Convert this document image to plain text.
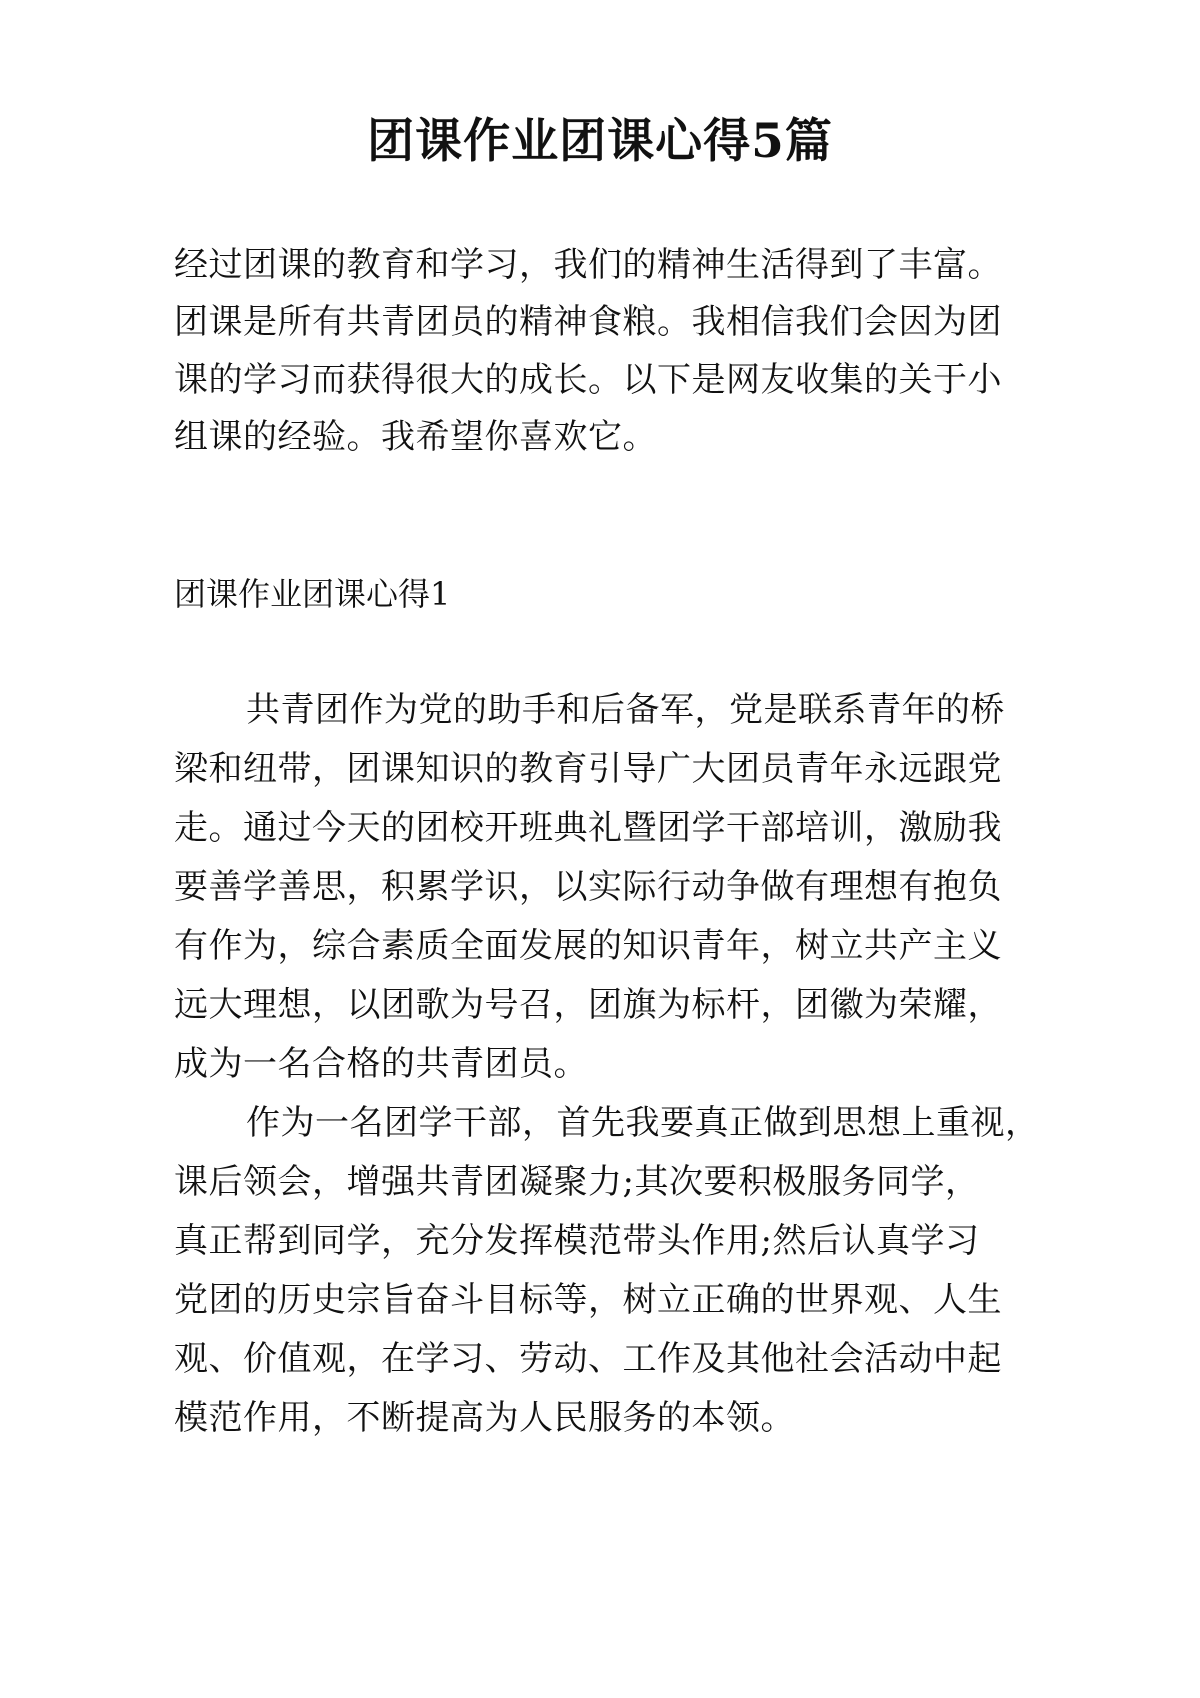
团课作业团课心得5篇
经过团课的教育和学习，我们的精神生活得到了丰富。
团课是所有共青团员的精神食粮。我相信我们会因为团
课的学习而获得很大的成长。以下是网友收集的关于小
组课的经验。我希望你喜欢它。
团课作业团课心得1
共青团作为党的助手和后备军，党是联系青年的桥
梁和纽带，团课知识的教育引导广大团员青年永远跟党
走。通过今天的团校开班典礼暨团学干部培训，激励我
要善学善思，积累学识，以实际行动争做有理想有抱负
有作为，综合素质全面发展的知识青年，树立共产主义
远大理想，以团歌为号召，团旗为标杆，团徽为荣耀，
成为一名合格的共青团员。
作为一名团学干部，首先我要真正做到思想上重视，
课后领会，增强共青团凝聚力;其次要积极服务同学，
真正帮到同学，充分发挥模范带头作用;然后认真学习
党团的历史宗旨奋斗目标等，树立正确的世界观、人生
观、价值观，在学习、劳动、工作及其他社会活动中起
模范作用，不断提高为人民服务的本领。
